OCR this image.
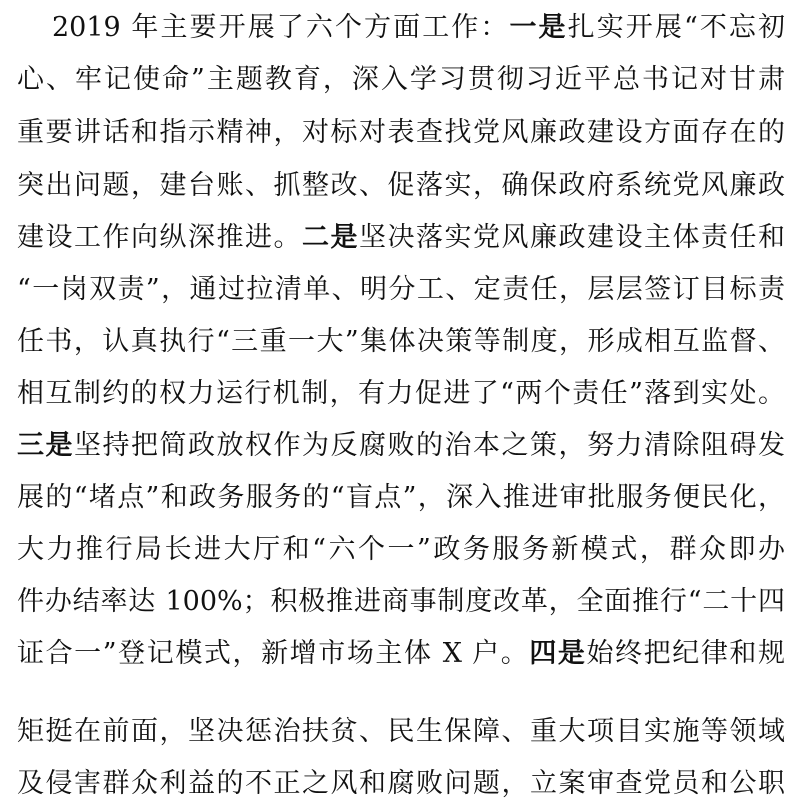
2019 年主要开展了六个方面工作：一是扎实开展“不忘初
心、牢记使命”主题教育，深入学习贯彻习近平总书记对甘肃
重要讲话和指示精神，对标对表查找党风廉政建设方面存在的
突出问题，建台账、抓整改、促落实，确保政府系统党风廉政
建设工作向纵深推进。二是坚决落实党风廉政建设主体责任和
“一岗双责”，通过拉清单、明分工、定责任，层层签订目标责
任书，认真执行“三重一大”集体决策等制度，形成相互监督、
相互制约的权力运行机制，有力促进了“两个责任”落到实处。
三是坚持把简政放权作为反腐败的治本之策，努力清除阻碍发
展的“堵点”和政务服务的“盲点”，深入推进审批服务便民化，
大力推行局长进大厅和“六个一”政务服务新模式，群众即办
件办结率达 100%；积极推进商事制度改革，全面推行“二十四
证合一”登记模式，新增市场主体 X 户。四是始终把纪律和规
矩挺在前面，坚决惩治扶贫、民生保障、重大项目实施等领域
及侵害群众利益的不正之风和腐败问题，立案审查党员和公职
